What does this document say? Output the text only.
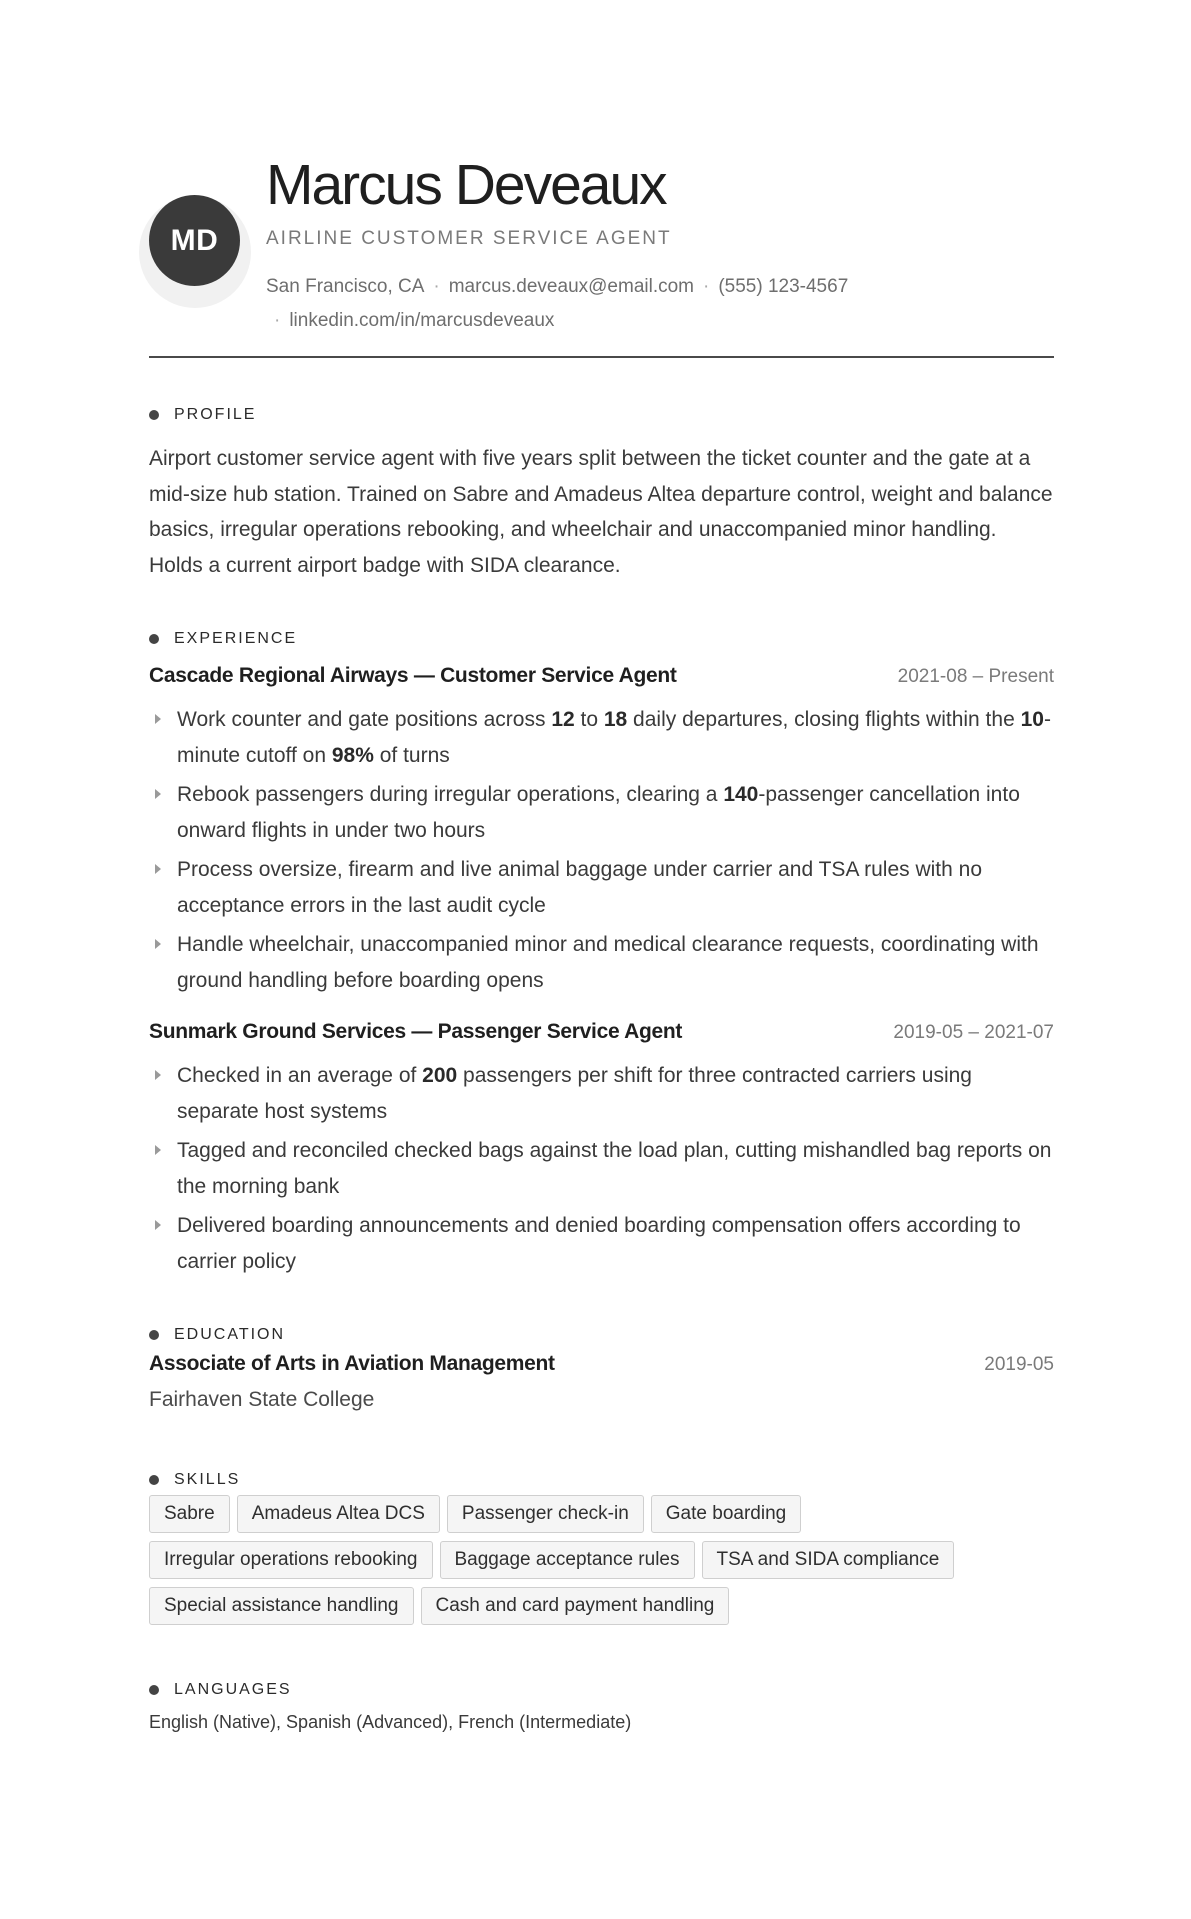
MD
Marcus Deveaux
AIRLINE CUSTOMER SERVICE AGENT
San Francisco, CA · marcus.deveaux@email.com · (555) 123-4567
· linkedin.com/in/marcusdeveaux
PROFILE
Airport customer service agent with five years split between the ticket counter and the gate at a mid-size hub station. Trained on Sabre and Amadeus Altea departure control, weight and balance basics, irregular operations rebooking, and wheelchair and unaccompanied minor handling. Holds a current airport badge with SIDA clearance.
EXPERIENCE
Cascade Regional Airways — Customer Service Agent	2021-08 – Present
Work counter and gate positions across 12 to 18 daily departures, closing flights within the 10-minute cutoff on 98% of turns
Rebook passengers during irregular operations, clearing a 140-passenger cancellation into onward flights in under two hours
Process oversize, firearm and live animal baggage under carrier and TSA rules with no acceptance errors in the last audit cycle
Handle wheelchair, unaccompanied minor and medical clearance requests, coordinating with ground handling before boarding opens
Sunmark Ground Services — Passenger Service Agent	2019-05 – 2021-07
Checked in an average of 200 passengers per shift for three contracted carriers using separate host systems
Tagged and reconciled checked bags against the load plan, cutting mishandled bag reports on the morning bank
Delivered boarding announcements and denied boarding compensation offers according to carrier policy
EDUCATION
Associate of Arts in Aviation Management	2019-05
Fairhaven State College
SKILLS
Sabre	Amadeus Altea DCS	Passenger check-in	Gate boarding
Irregular operations rebooking	Baggage acceptance rules	TSA and SIDA compliance
Special assistance handling	Cash and card payment handling
LANGUAGES
English (Native), Spanish (Advanced), French (Intermediate)
